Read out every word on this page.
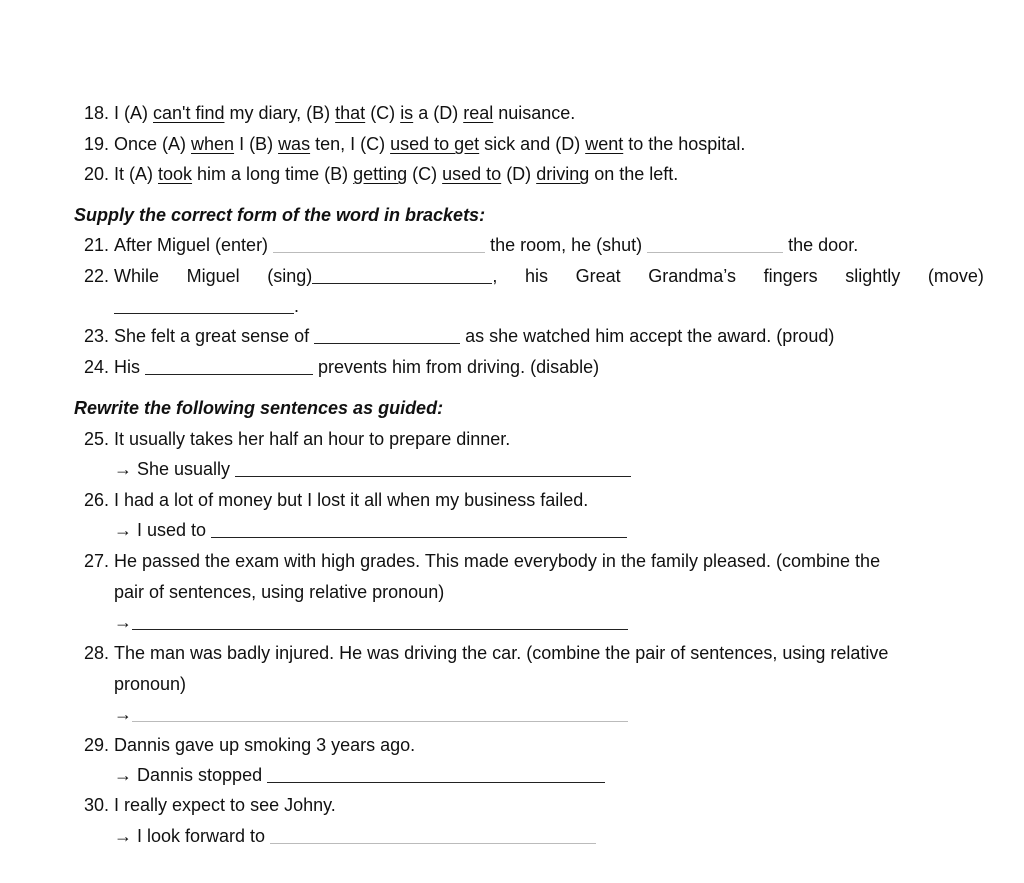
18. I (A) can't find my diary, (B) that (C) is a (D) real nuisance.
19. Once (A) when I (B) was ten, I (C) used to get sick and (D) went to the hospital.
20. It (A) took him a long time (B) getting (C) used to (D) driving on the left.
Supply the correct form of the word in brackets:
21. After Miguel (enter)	the room, he (shut)	the door.
22. While Miguel (sing)	, his Great Grandma’s fingers slightly (move)
.
23. She felt a great sense of	as she watched him accept the award. (proud)
24. His	prevents him from driving. (disable)
Rewrite the following sentences as guided:
25. It usually takes her half an hour to prepare dinner.
→ She usually
26. I had a lot of money but I lost it all when my business failed.
→ I used to
27. He passed the exam with high grades. This made everybody in the family pleased. (combine the
pair of sentences, using relative pronoun)
→
28. The man was badly injured. He was driving the car. (combine the pair of sentences, using relative
pronoun)
→
29. Dannis gave up smoking 3 years ago.
→ Dannis stopped
30. I really expect to see Johny.
→ I look forward to
